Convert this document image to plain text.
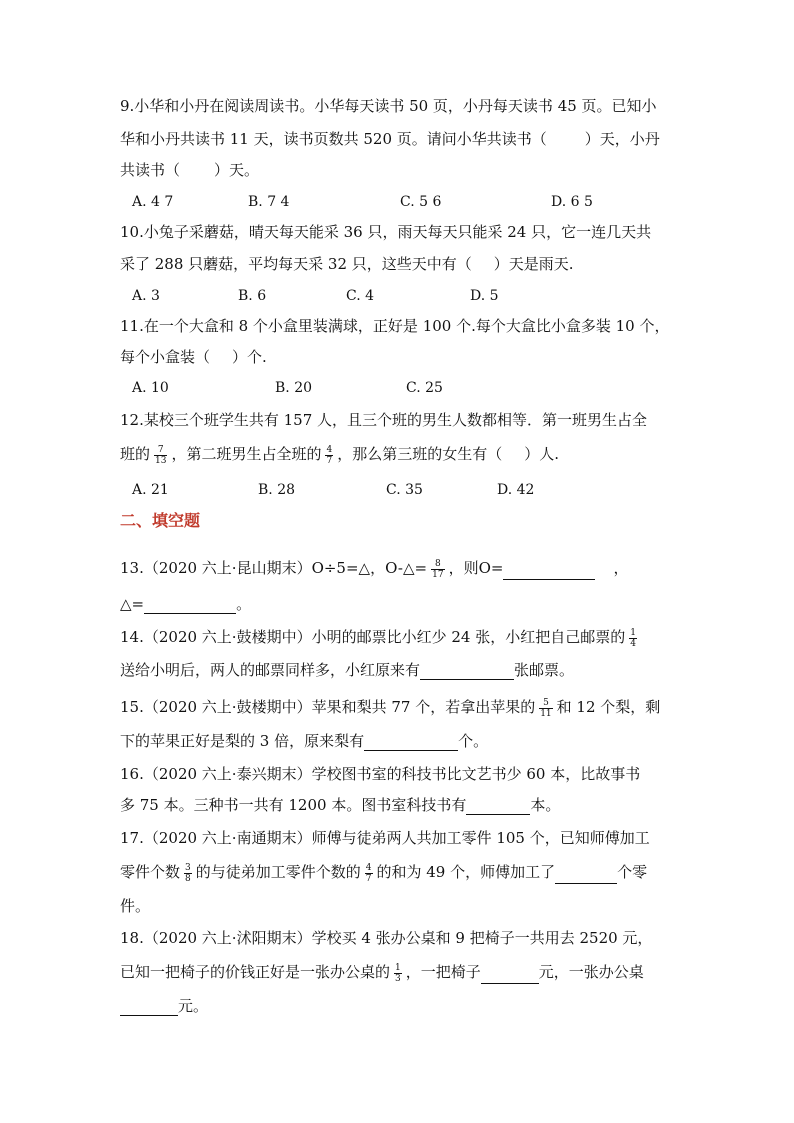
9.小华和小丹在阅读周读书。小华每天读书 50 页，小丹每天读书 45 页。已知小
华和小丹共读书 11 天，读书页数共 520 页。请问小华共读书（	）天，小丹
共读书（ ）天。
A. 4 7	B. 7 4	C. 5 6	D. 6 5
10.小兔子采蘑菇，晴天每天能采 36 只，雨天每天只能采 24 只，它一连几天共
采了 288 只蘑菇，平均每天采 32 只，这些天中有（ ）天是雨天.
A. 3	B. 6	C. 4	D. 5
11.在一个大盒和 8 个小盒里装满球，正好是 100 个.每个大盒比小盒多装 10 个，
每个小盒装（ ）个.
A. 10	B. 20	C. 25
12.某校三个班学生共有 157 人，且三个班的男生人数都相等．第一班男生占全
班的 $\frac{7}{13}$ ，第二班男生占全班的 $\frac{4}{7}$ ，那么第三班的女生有（ ）人.
A. 21	B. 28	C. 35	D. 42
二、填空题
13.（2020 六上·昆山期末）O÷5=△，O-△= $\frac{8}{17}$ ，则O=	，
△=	。
14.（2020 六上·鼓楼期中）小明的邮票比小红少 24 张，小红把自己邮票的 $\frac{1}{4}$
送给小明后，两人的邮票同样多，小红原来有	张邮票。
15.（2020 六上·鼓楼期中）苹果和梨共 77 个，若拿出苹果的 $\frac{5}{11}$ 和 12 个梨，剩
下的苹果正好是梨的 3 倍，原来梨有	个。
16.（2020 六上·泰兴期末）学校图书室的科技书比文艺书少 60 本，比故事书
多 75 本。三种书一共有 1200 本。图书室科技书有	本。
17.（2020 六上·南通期末）师傅与徒弟两人共加工零件 105 个，已知师傅加工
零件个数 $\frac{3}{8}$ 的与徒弟加工零件个数的 $\frac{4}{7}$ 的和为 49 个，师傅加工了	个零
件。
18.（2020 六上·沭阳期末）学校买 4 张办公桌和 9 把椅子一共用去 2520 元，
已知一把椅子的价钱正好是一张办公桌的 $\frac{1}{3}$ ，一把椅子	元，一张办公桌
元。
